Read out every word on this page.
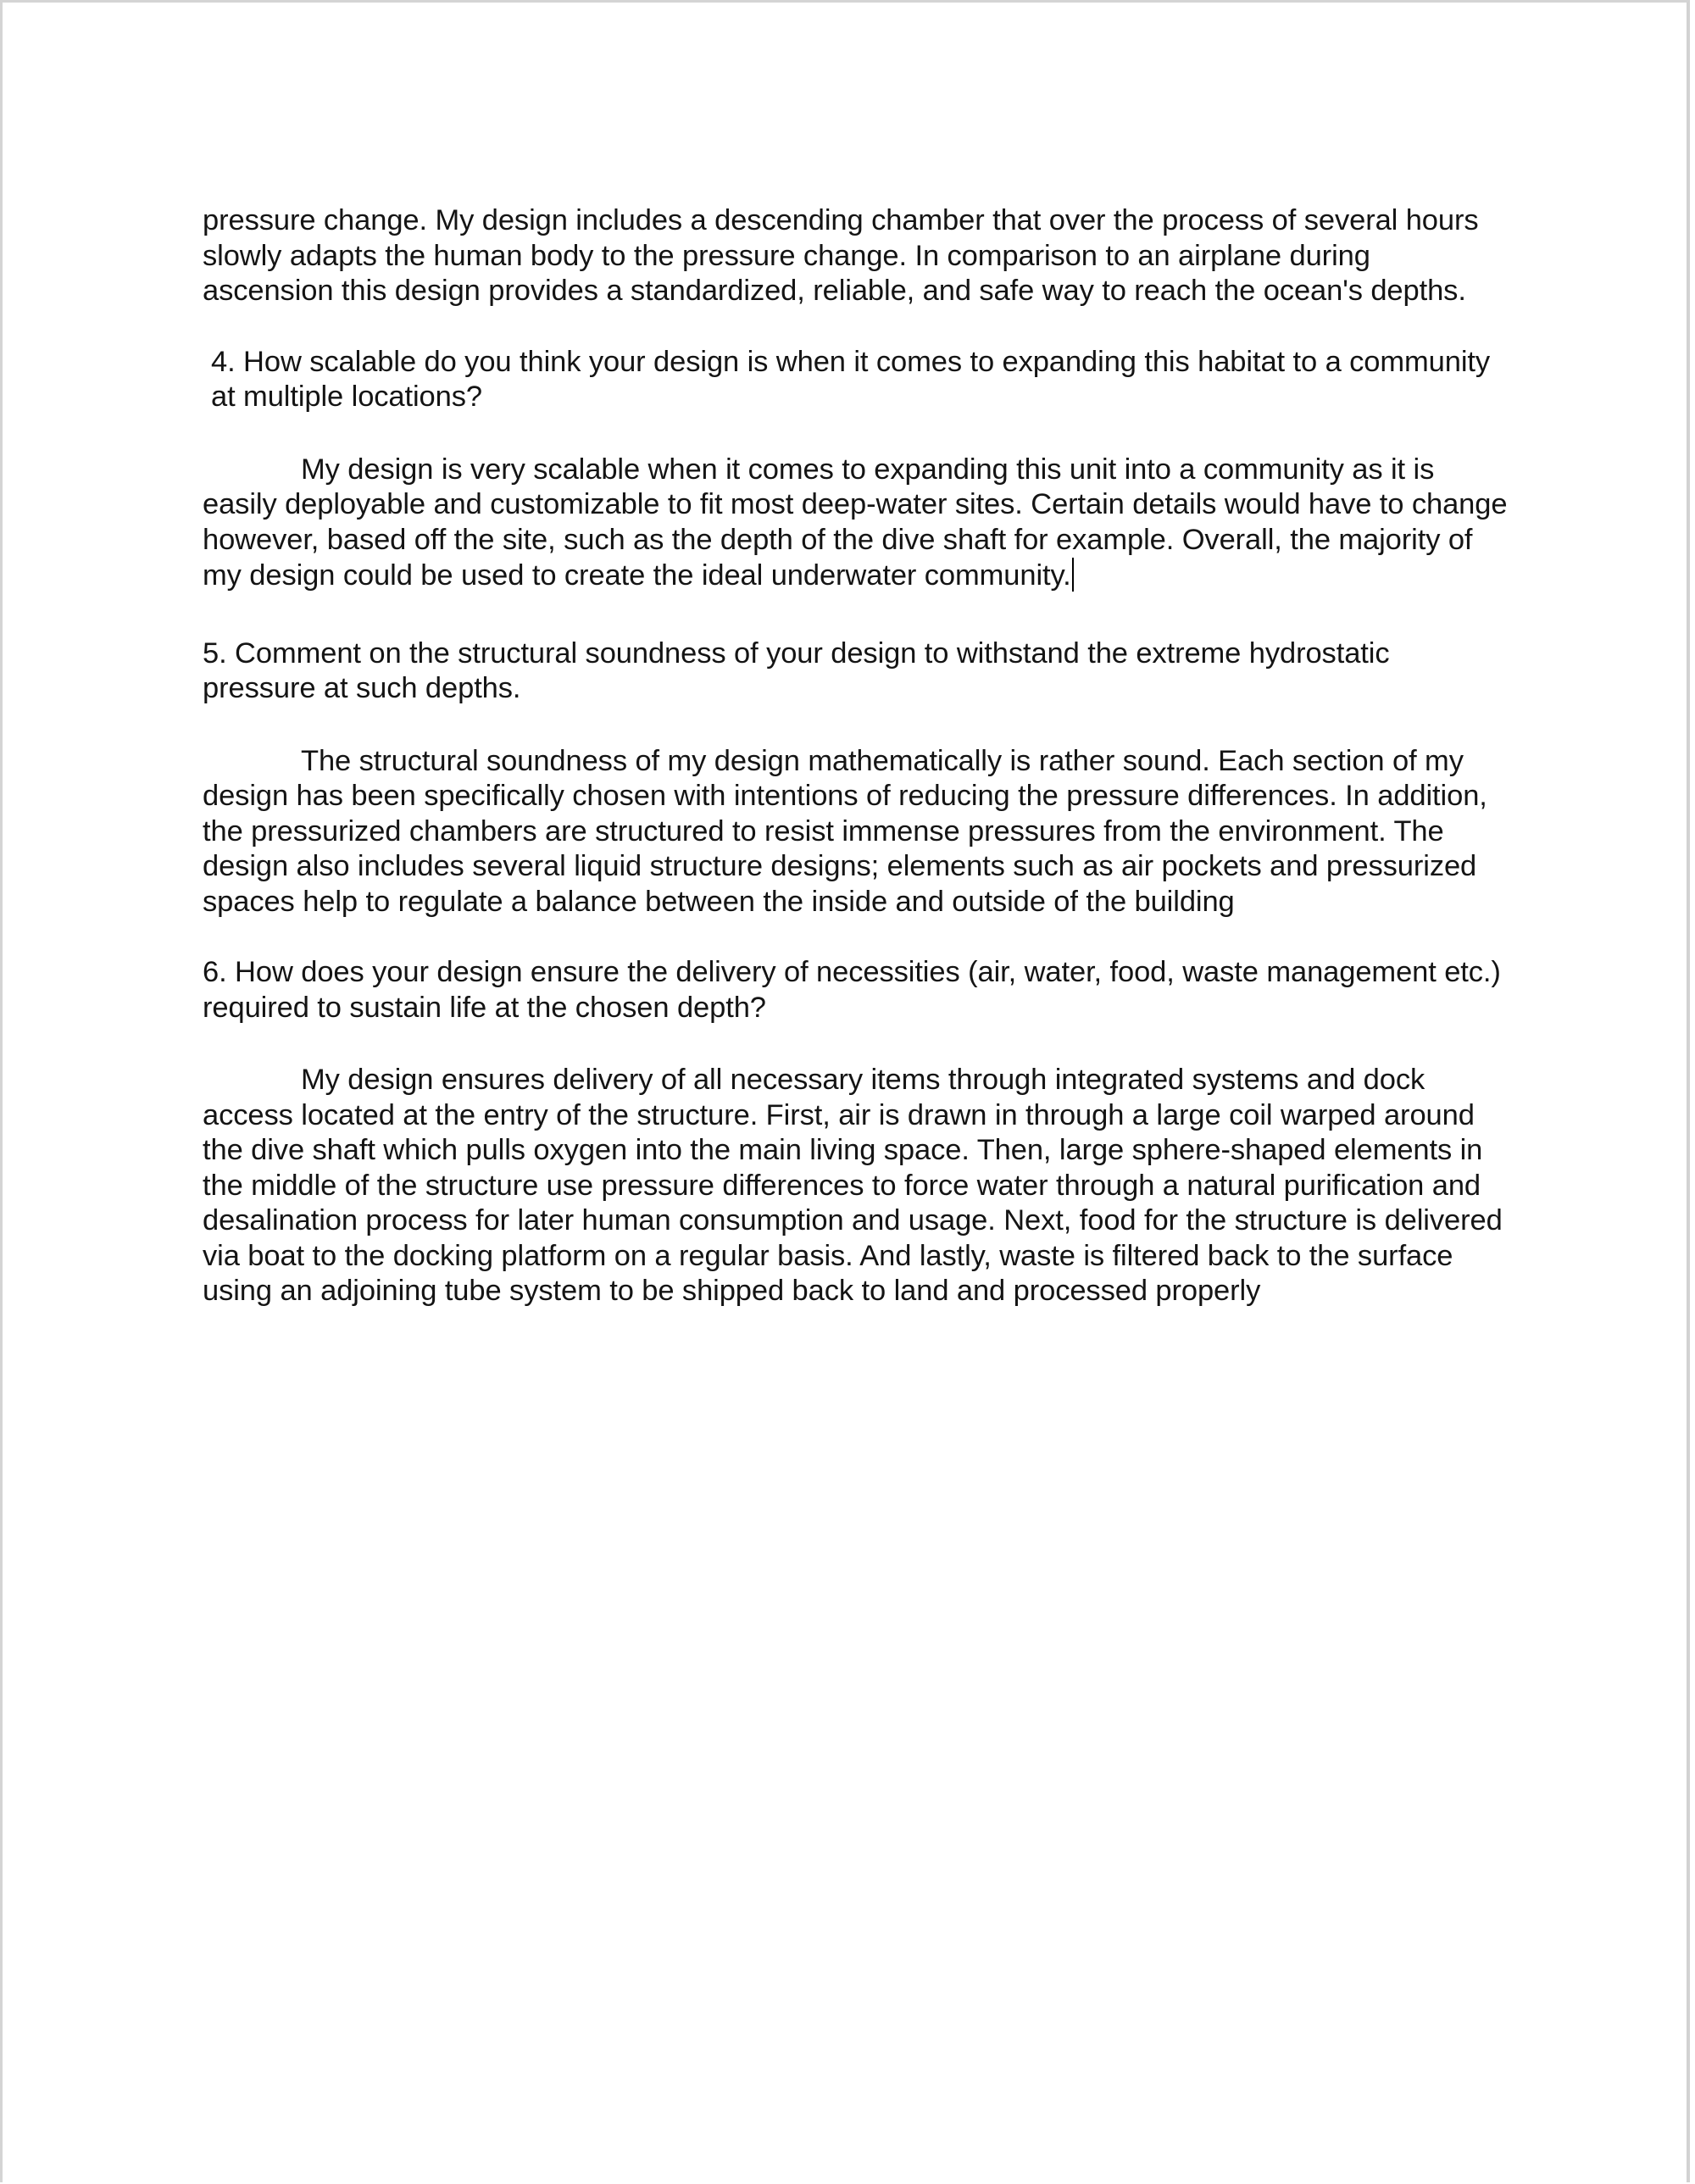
pressure change. My design includes a descending chamber that over the process of several hours slowly adapts the human body to the pressure change. In comparison to an airplane during ascension this design provides a standardized, reliable, and safe way to reach the ocean's depths.

4. How scalable do you think your design is when it comes to expanding this habitat to a community at multiple locations?

My design is very scalable when it comes to expanding this unit into a community as it is easily deployable and customizable to fit most deep-water sites. Certain details would have to change however, based off the site, such as the depth of the dive shaft for example. Overall, the majority of my design could be used to create the ideal underwater community.

5. Comment on the structural soundness of your design to withstand the extreme hydrostatic pressure at such depths.

The structural soundness of my design mathematically is rather sound. Each section of my design has been specifically chosen with intentions of reducing the pressure differences. In addition, the pressurized chambers are structured to resist immense pressures from the environment. The design also includes several liquid structure designs; elements such as air pockets and pressurized spaces help to regulate a balance between the inside and outside of the building

6. How does your design ensure the delivery of necessities (air, water, food, waste management etc.) required to sustain life at the chosen depth?

My design ensures delivery of all necessary items through integrated systems and dock access located at the entry of the structure. First, air is drawn in through a large coil warped around the dive shaft which pulls oxygen into the main living space. Then, large sphere-shaped elements in the middle of the structure use pressure differences to force water through a natural purification and desalination process for later human consumption and usage. Next, food for the structure is delivered via boat to the docking platform on a regular basis. And lastly, waste is filtered back to the surface using an adjoining tube system to be shipped back to land and processed properly
